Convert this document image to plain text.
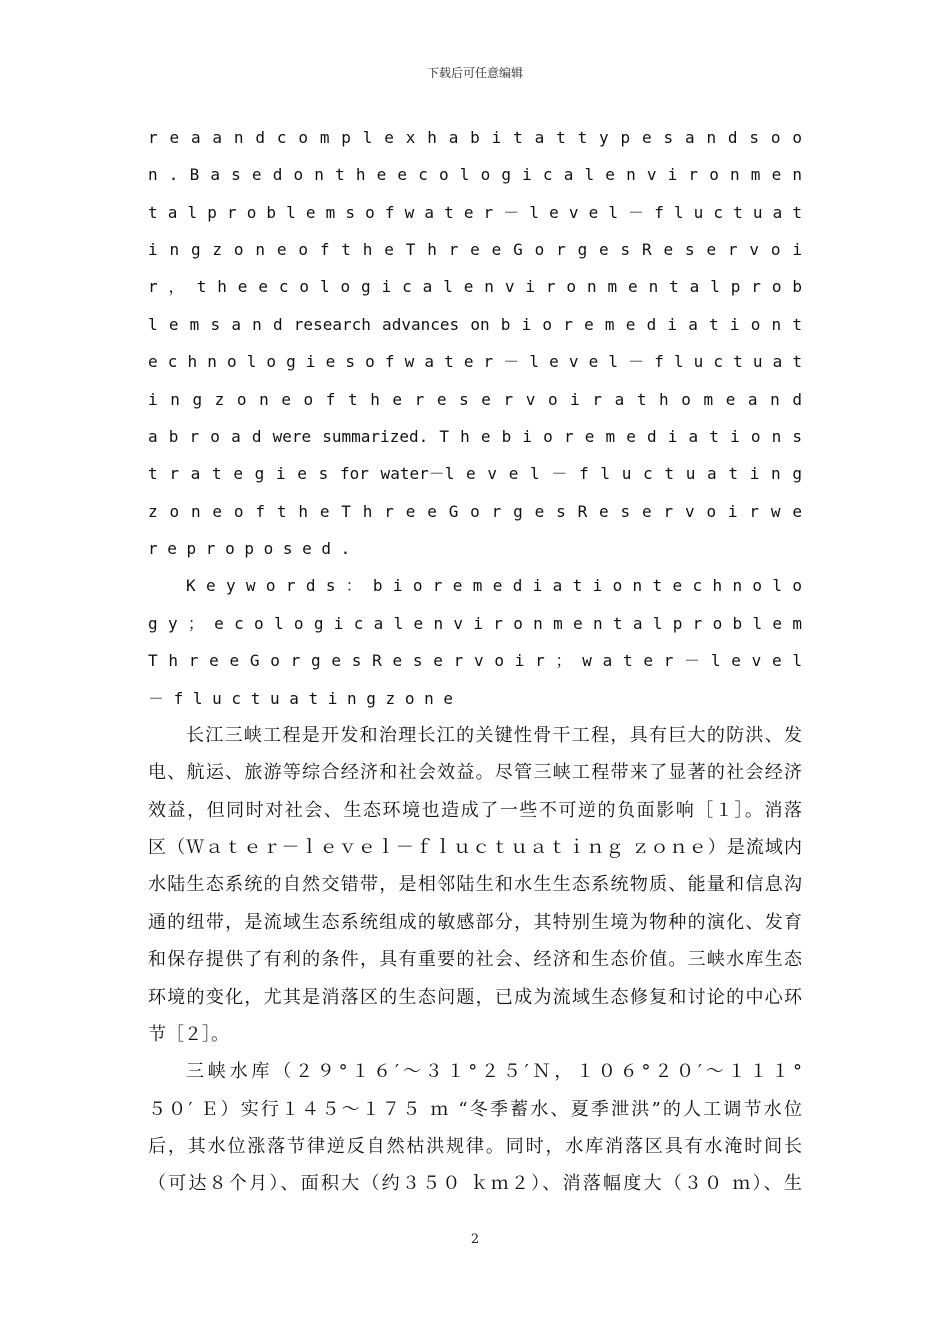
下载后可任意编辑
r e a a n d c o m p l e x h a b i t a t t y p e s a n d s o o
n . B a s e d o n t h e e c o l o g i c a l e n v i r o n m e n
t a l p r o b l e m s o f w a t e r － l e v e l － f l u c t u a t
i n g z o n e o f t h e T h r e e G o r g e s R e s e r v o i
r ， t h e e c o l o g i c a l e n v i r o n m e n t a l p r o b
l e m s a n d research advances on b i o r e m e d i a t i o n t
e c h n o l o g i e s o f w a t e r － l e v e l － f l u c t u a t
i n g z o n e o f t h e r e s e r v o i r a t h o m e a n d
a b r o a d were summarized. T h e b i o r e m e d i a t i o n s
t r a t e g i e s for water－l e v e l － f l u c t u a t i n g
z o n e o f t h e T h r e e G o r g e s R e s e r v o i r w e
r e p r o p o s e d .
K e y w o r d s ： b i o r e m e d i a t i o n t e c h n o l o
g y ； e c o l o g i c a l e n v i r o n m e n t a l p r o b l e m
T h r e e G o r g e s R e s e r v o i r ； w a t e r － l e v e l
－ f l u c t u a t i n g z o n e
长江三峡工程是开发和治理长江的关键性骨干工程，具有巨大的防洪、发
电、航运、旅游等综合经济和社会效益。尽管三峡工程带来了显著的社会经济
效益，但同时对社会、生态环境也造成了一些不可逆的负面影响［１］。消落
区（Ｗａｔｅｒ－ｌｅｖｅｌ－ｆｌｕｃｔｕａｔｉｎｇ ｚｏｎｅ）是流域内
水陆生态系统的自然交错带，是相邻陆生和水生生态系统物质、能量和信息沟
通的纽带，是流域生态系统组成的敏感部分，其特别生境为物种的演化、发育
和保存提供了有利的条件，具有重要的社会、经济和生态价值。三峡水库生态
环境的变化，尤其是消落区的生态问题，已成为流域生态修复和讨论的中心环
节［２］。
三峡水库（２９°１６′～３１°２５′Ｎ，１０６°２０′～１１１°
５０′ Ｅ）实行１４５～１７５ ｍ “冬季蓄水、夏季泄洪”的人工调节水位
后，其水位涨落节律逆反自然枯洪规律。同时，水库消落区具有水淹时间长
（可达８个月）、面积大（约３５０ ｋｍ２）、消落幅度大（３０ ｍ）、生
2
